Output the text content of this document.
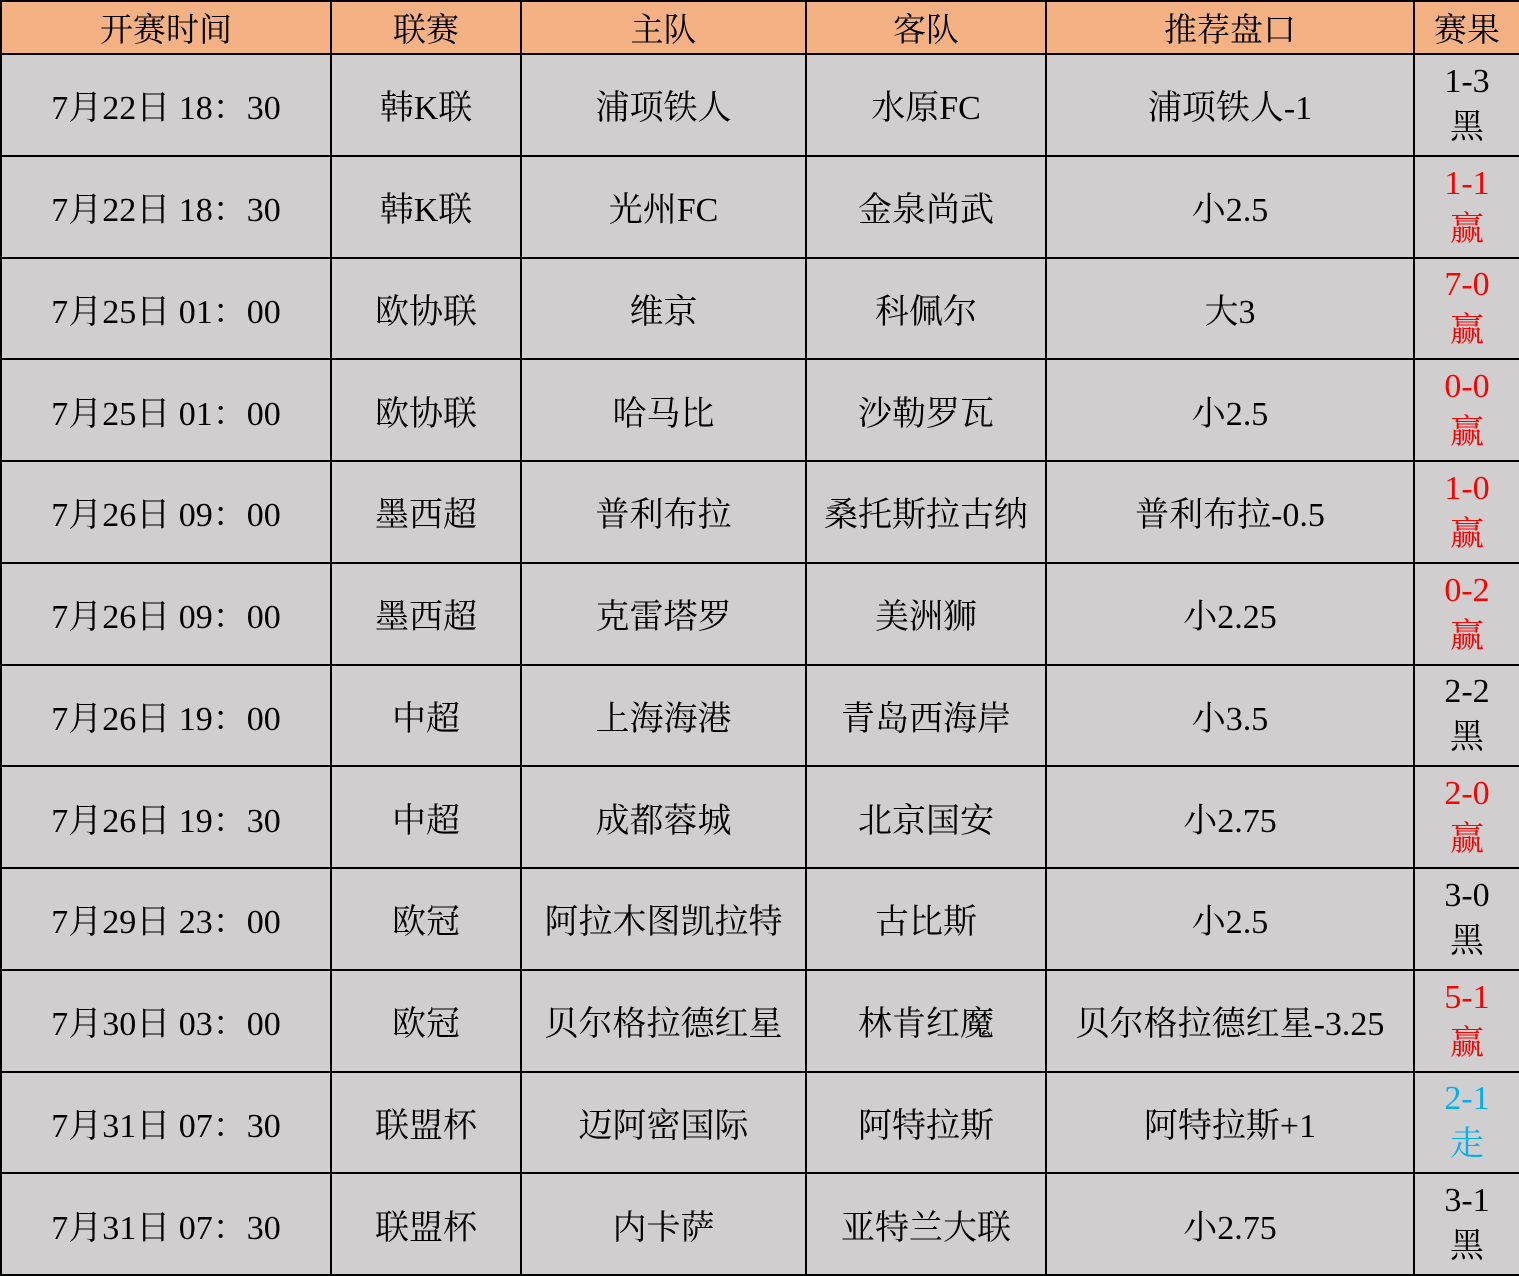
开赛时间	联赛	主队	客队	推荐盘口	赛果
7月22日 18：30	韩K联	浦项铁人	水原FC	浦项铁人-1	1-3
黑

7月22日 18：30	韩K联	光州FC	金泉尚武	小2.5	1-1
赢

7月25日 01：00	欧协联	维京	科佩尔	大3	7-0
赢

7月25日 01：00	欧协联	哈马比	沙勒罗瓦	小2.5	0-0
赢

7月26日 09：00	墨西超	普利布拉	桑托斯拉古纳	普利布拉-0.5	1-0
赢

7月26日 09：00	墨西超	克雷塔罗	美洲狮	小2.25	0-2
赢

7月26日 19：00	中超	上海海港	青岛西海岸	小3.5	2-2
黑

7月26日 19：30	中超	成都蓉城	北京国安	小2.75	2-0
赢

7月29日 23：00	欧冠	阿拉木图凯拉特	古比斯	小2.5	3-0
黑

7月30日 03：00	欧冠	贝尔格拉德红星	林肯红魔	贝尔格拉德红星-3.25	5-1
赢

7月31日 07：30	联盟杯	迈阿密国际	阿特拉斯	阿特拉斯+1	2-1
走

7月31日 07：30	联盟杯	内卡萨	亚特兰大联	小2.75	3-1
黑
